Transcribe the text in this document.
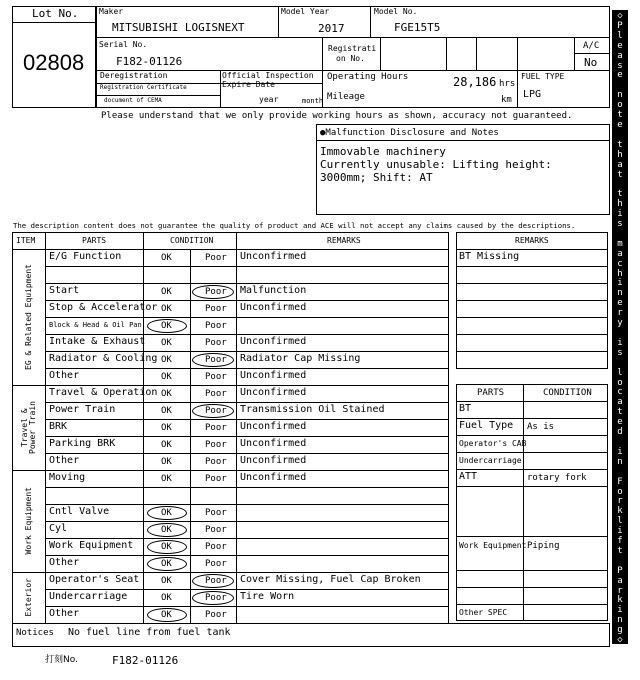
Lot No.
02808
Maker
MITSUBISHI LOGISNEXT
Model Year
2017
Model No.
FGE15T5
Serial No.
F182-01126
Registrati
on No.
A/C
No
Deregistration
Registration Certificate
document of CEMA
Official Inspection
Expire Date
year	month
Operating Hours	28,186 hrs
Mileage	km
FUEL TYPE
LPG
Please understand that we only provide working hours as shown, accuracy not guaranteed.
●Malfunction Disclosure and Notes
Immovable machinery
Currently unusable: Lifting height:
3000mm; Shift: AT
The description content does not guarantee the quality of product and ACE will not accept any claims caused by the descriptions.
ITEM	PARTS	CONDITION	REMARKS
E/G Function	OK	Poor Unconfirmed
Start	OK	Poor Malfunction
Stop & Accelerator OK	Poor Unconfirmed
Block & Head & Oil Pan OK	Poor
Intake & Exhaust OK	Poor Unconfirmed
Radiator & Cooling OK	Poor Radiator Cap Missing
Other	OK	Poor Unconfirmed
Travel & Operation OK	Poor Unconfirmed
Power Train	OK	Poor Transmission Oil Stained
BRK	OK	Poor Unconfirmed
Parking BRK	OK	Poor Unconfirmed
Other	OK	Poor Unconfirmed
Moving	OK	Poor Unconfirmed
Cntl Valve	OK	Poor
Cyl	OK	Poor
Work Equipment	OK	Poor
Other	OK	Poor
Operator's Seat OK	Poor Cover Missing, Fuel Cap Broken
Undercarriage	OK	Poor Tire Worn
Other	OK	Poor
EG & Related Equipment
Travel & Power Train
Work Equipment
Exterior
REMARKS
BT Missing
PARTS	CONDITION
BT
Fuel Type As is
Operator's CAB
Undercarriage
ATT	rotary fork
Work Equipment Piping
Other SPEC
Notices No fuel line from fuel tank
打刻No.	F182-01126
◇
P
l
e
a
s
e
n
o
t
e
t
h
a
t
t
h
i
s
m
a
c
h
i
n
e
r
y
i
s
l
o
c
a
t
e
d
i
n
F
o
r
k
l
i
f
t
P
a
r
k
i
n
g
◇
